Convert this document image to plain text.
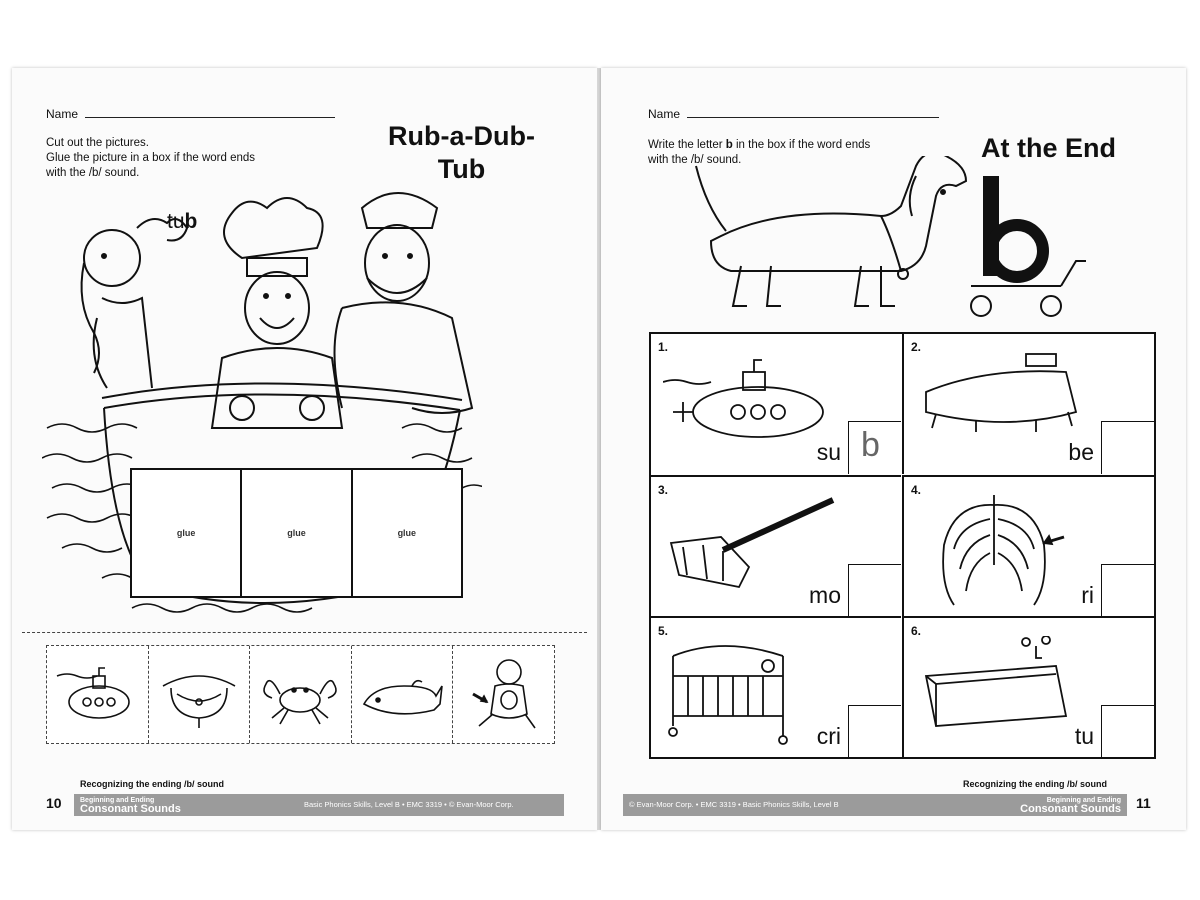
Name
Cut out the pictures.
Glue the picture in a box if the word ends
with the /b/ sound.
Rub-a-Dub-
Tub
tub
glue	glue	glue
Recognizing the ending /b/ sound
10	Beginning and Ending
Consonant Sounds	Basic Phonics Skills, Level B • EMC 3319 • © Evan-Moor Corp.
Name
Write the letter b in the box if the word ends
with the /b/ sound.	At the End
1.
su b
2.
be
3.
mo
4.
ri
5.
cri
6.
tu
Recognizing the ending /b/ sound
11
© Evan-Moor Corp. • EMC 3319 • Basic Phonics Skills, Level B	Beginning and Ending
Consonant Sounds
